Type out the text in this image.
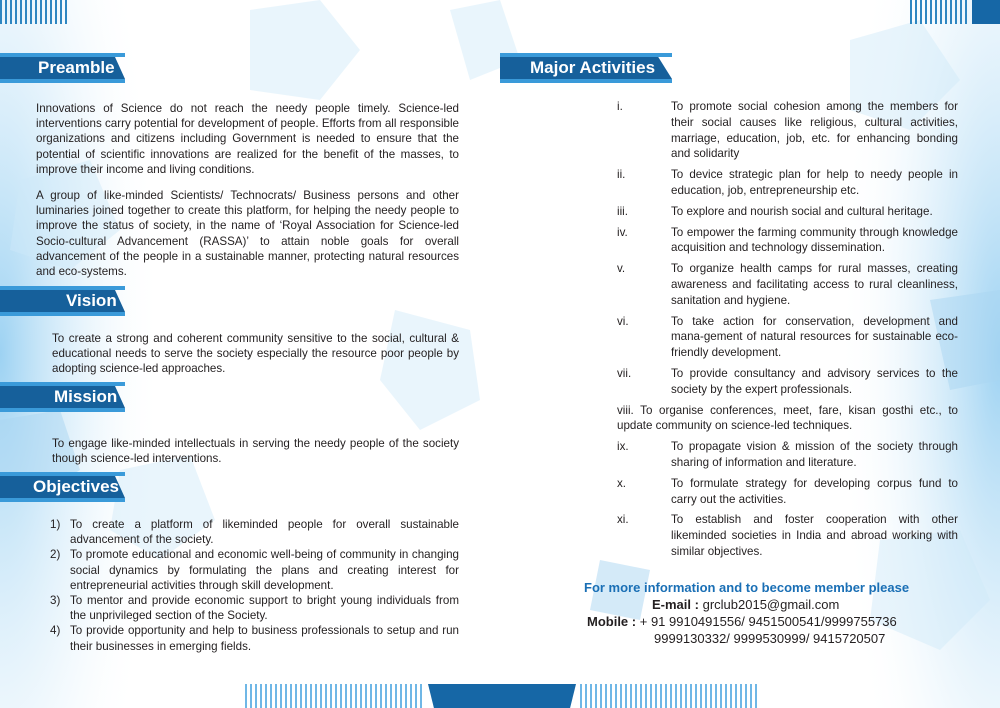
Preamble

Innovations of Science do not reach the needy people timely. Science-led interventions carry potential for development of people. Efforts from all responsible organizations and citizens including Government is needed to ensure that the potential of scientific innovations are realized for the benefit of the masses, to improve their income and living conditions.

A group of like-minded Scientists/ Technocrats/ Business persons and other luminaries joined together to create this platform, for helping the needy people to improve the status of society, in the name of ‘Royal Association for Science-led Socio-cultural Advancement (RASSA)’ to attain noble goals for overall advancement of the people in a sustainable manner, protecting natural resources and eco-systems.

Vision

To create a strong and coherent community sensitive to the social, cultural & educational needs to serve the society especially the resource poor people by adopting science-led approaches.

Mission

To engage like-minded intellectuals in serving the needy people of the society though science-led interventions.

Objectives
1) To create a platform of likeminded people for overall sustainable advancement of the society.
2) To promote educational and economic well-being of community in changing social dynamics by formulating the plans and creating interest for entrepreneurial activities through skill development.
3) To mentor and provide economic support to bright young individuals from the unprivileged section of the Society.
4) To provide opportunity and help to business professionals to setup and run their businesses in emerging fields.
Major Activities
i.	To promote social cohesion among the members for their social causes like religious, cultural activities, marriage, education, job, etc. for enhancing bonding and solidarity
ii.	To device strategic plan for help to needy people in education, job, entrepreneurship etc.
iii.	To explore and nourish social and cultural heritage.
iv.	To empower the farming community through knowledge acquisition and technology dissemination.
v.	To organize health camps for rural masses, creating awareness and facilitating access to rural cleanliness, sanitation and hygiene.
vi.	To take action for conservation, development and mana-gement of natural resources for sustainable eco-friendly development.
vii.	To provide consultancy and advisory services to the society by the expert professionals.
viii. To organise conferences, meet, fare, kisan gosthi etc., to update community on science-led techniques.
ix.	To propagate vision & mission of the society through sharing of information and literature.
x.	To formulate strategy for developing corpus fund to carry out the activities.
xi.	To establish and foster cooperation with other likeminded societies in India and abroad working with similar objectives.
For more information and to become member please
E-mail : grclub2015@gmail.com
Mobile : + 91 9910491556/ 9451500541/9999755736
9999130332/ 9999530999/ 9415720507
